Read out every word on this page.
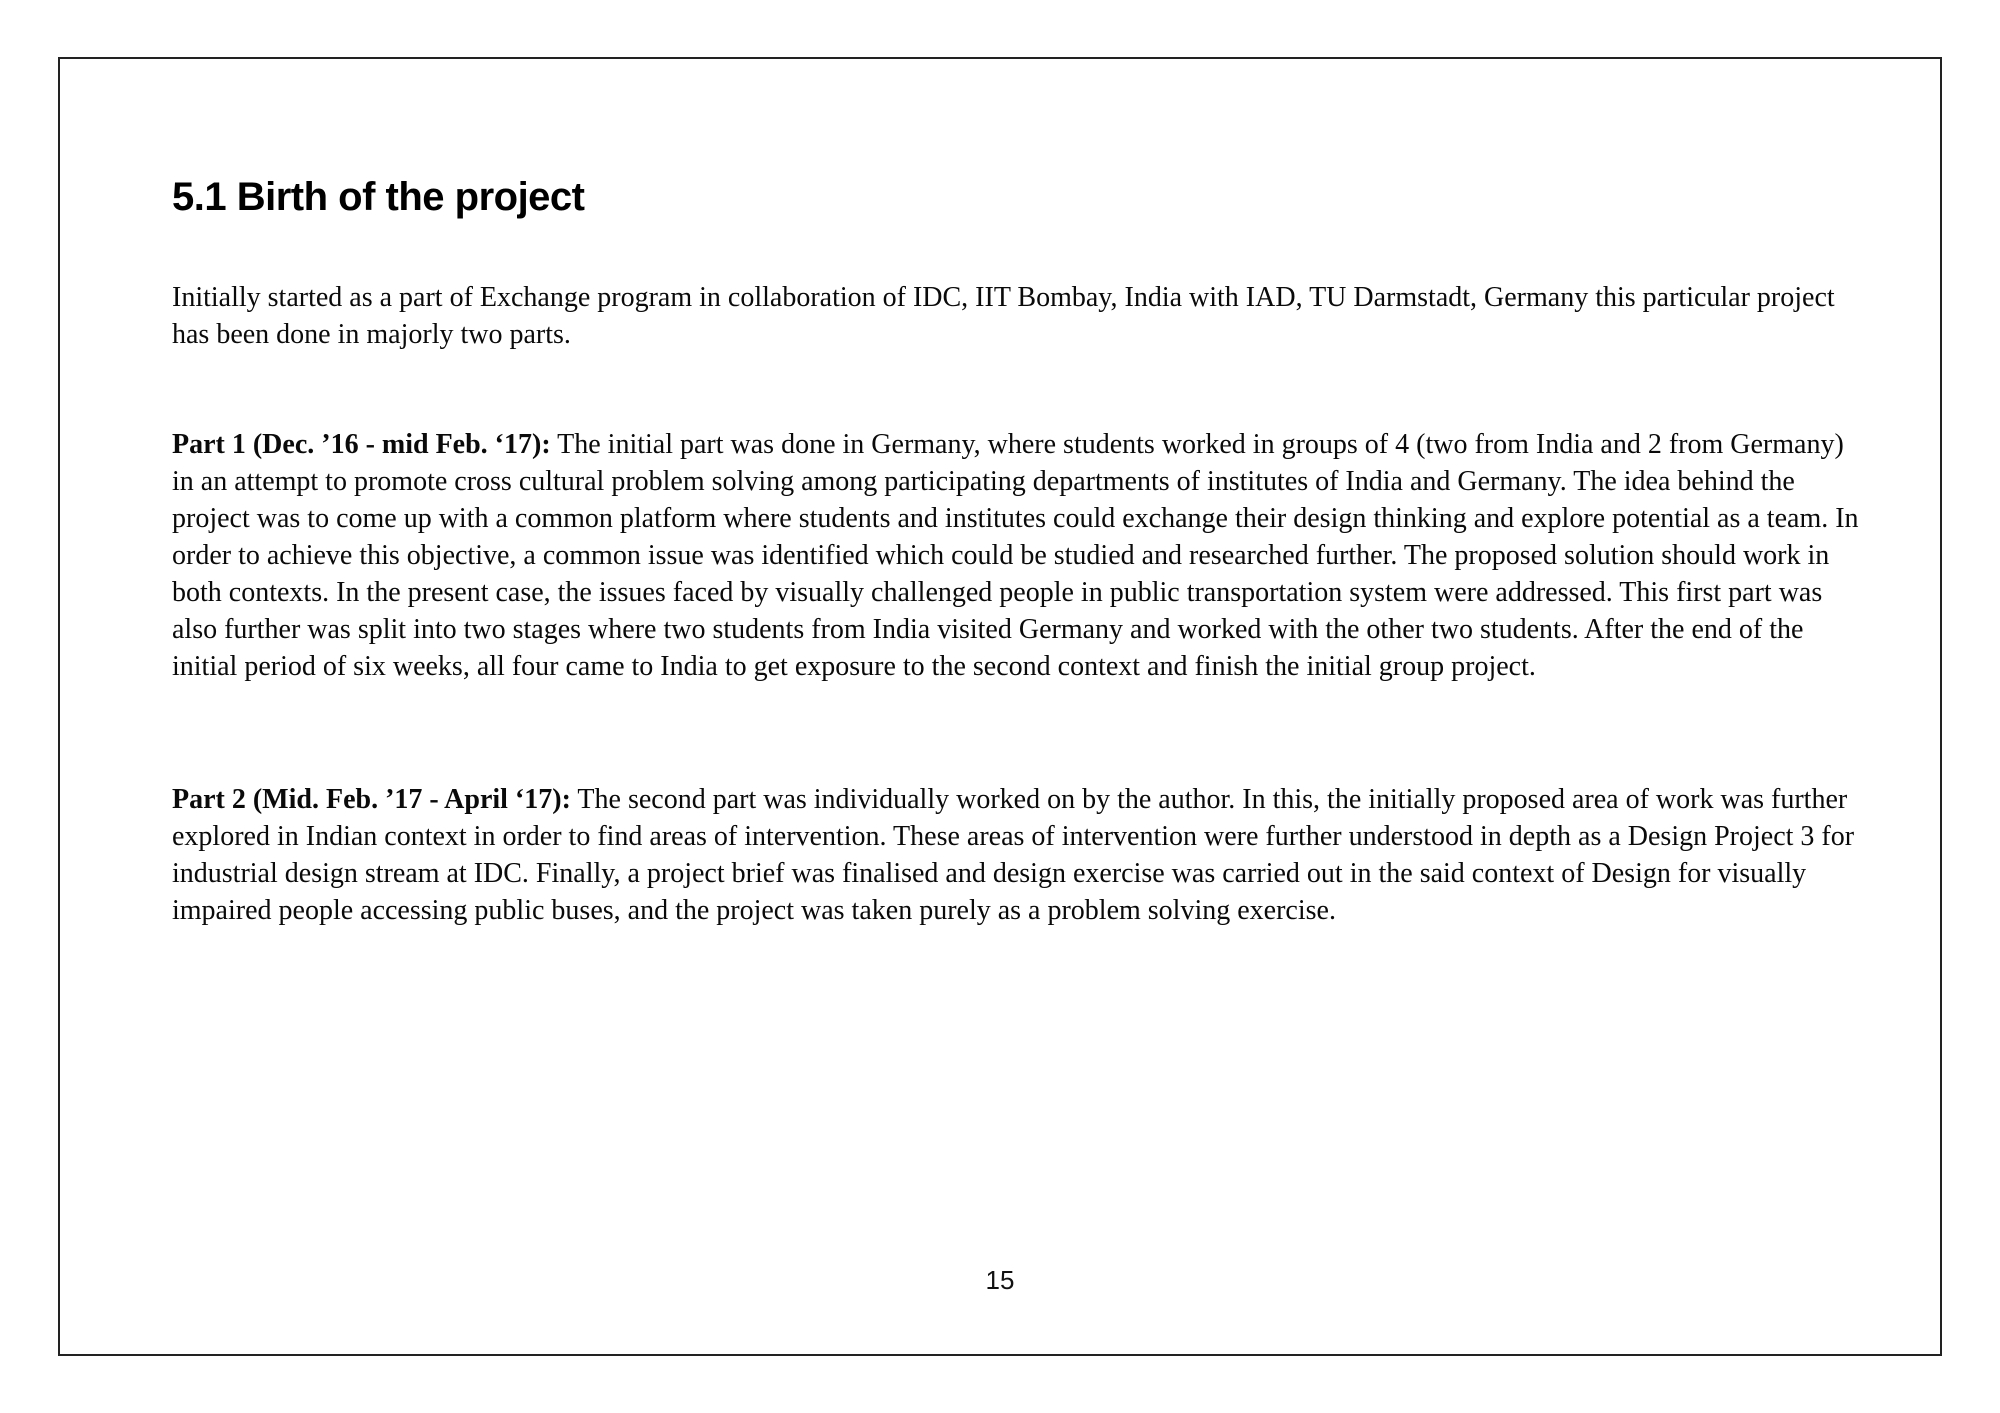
5.1 Birth of the project

Initially started as a part of Exchange program in collaboration of IDC, IIT Bombay, India with IAD, TU Darmstadt, Germany this particular project has been done in majorly two parts.

Part 1 (Dec. ’16 - mid Feb. ‘17): The initial part was done in Germany, where students worked in groups of 4 (two from India and 2 from Germany) in an attempt to promote cross cultural problem solving among participating departments of institutes of India and Germany. The idea behind the project was to come up with a common platform where students and institutes could exchange their design thinking and explore potential as a team. In order to achieve this objective, a common issue was identified which could be studied and researched further. The proposed solution should work in both contexts. In the present case, the issues faced by visually challenged people in public transportation system were addressed. This first part was also further was split into two stages where two students from India visited Germany and worked with the other two students. After the end of the initial period of six weeks, all four came to India to get exposure to the second context and finish the initial group project.

Part 2 (Mid. Feb. ’17 - April ‘17): The second part was individually worked on by the author. In this, the initially proposed area of work was further explored in Indian context in order to find areas of intervention. These areas of intervention were further understood in depth as a Design Project 3 for industrial design stream at IDC. Finally, a project brief was finalised and design exercise was carried out in the said context of Design for visually impaired people accessing public buses, and the project was taken purely as a problem solving exercise.

15
